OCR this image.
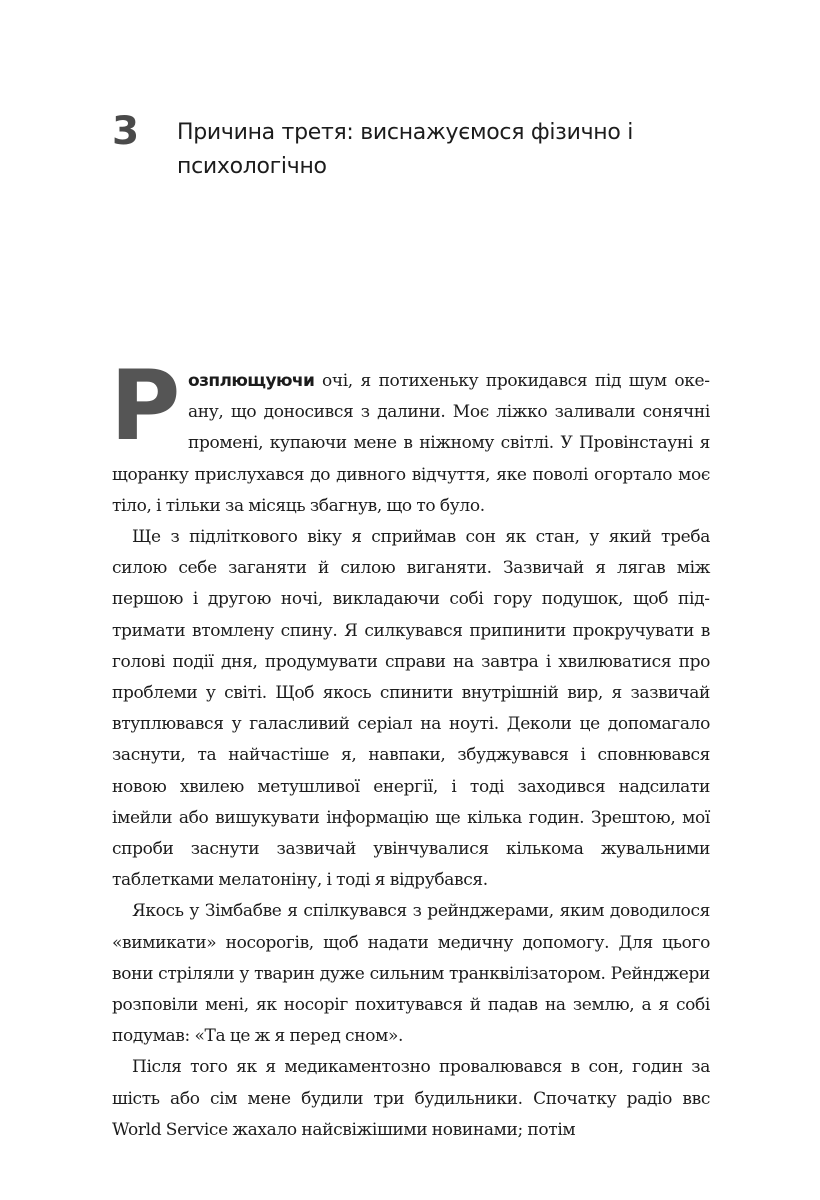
3 Причина третя: виснажуємося фізично і психологічно

Розплющуючи очі, я потихеньку прокидався під шум океану, що доносився з далини. Моє ліжко заливали сонячні промені, купаючи мене в ніжному світлі. У Провінстауні я щоранку прислухався до дивного відчуття, яке поволі огортало моє тіло, і тільки за місяць збагнув, що то було.

Ще з підліткового віку я сприймав сон як стан, у який треба силою себе заганяти й силою виганяти. Зазвичай я лягав між першою і другою ночі, викладаючи собі гору подушок, щоб підтримати втомлену спину. Я силкувався припинити прокручувати в голові події дня, продумувати справи на завтра і хвилюватися про проблеми у світі. Щоб якось спинити внутрішній вир, я зазвичай втуплювався у галасливий серіал на ноуті. Деколи це допомагало заснути, та найчастіше я, навпаки, збуджувався і сповнювався новою хвилею метушливої енергії, і тоді заходився надсилати імейли або вишукувати інформацію ще кілька годин. Зрештою, мої спроби заснути зазвичай увінчувалися кількома жувальними таблетками мелатоніну, і тоді я відрубався.

Якось у Зімбабве я спілкувався з рейнджерами, яким доводилося «вимикати» носорогів, щоб надати медичну допомогу. Для цього вони стріляли у тварин дуже сильним транквілізатором. Рейнджери розповіли мені, як носоріг похитувався й падав на землю, а я собі подумав: «Та це ж я перед сном».

Після того як я медикаментозно провалювався в сон, годин за шість або сім мене будили три будильники. Спочатку радіо ввс World Service жахало найсвіжішими новинами; потім
